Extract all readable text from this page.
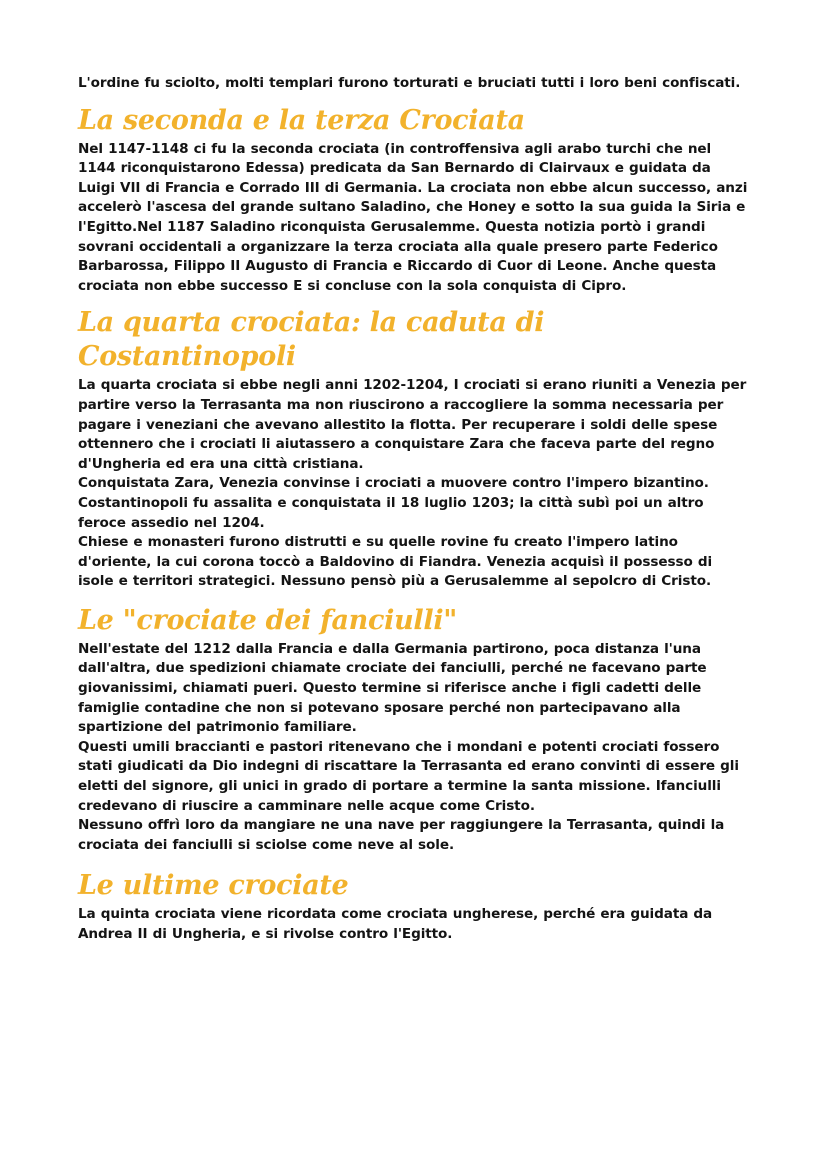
L'ordine fu sciolto, molti templari furono torturati e bruciati tutti i loro beni confiscati.

La seconda e la terza Crociata

Nel 1147-1148 ci fu la seconda crociata (in controffensiva agli arabo turchi che nel 1144 riconquistarono Edessa) predicata da San Bernardo di Clairvaux e guidata da Luigi VII di Francia e Corrado III di Germania. La crociata non ebbe alcun successo, anzi accelerò l'ascesa del grande sultano Saladino, che Honey e sotto la sua guida la Siria e l'Egitto.Nel 1187 Saladino riconquista Gerusalemme. Questa notizia portò i grandi sovrani occidentali a organizzare la terza crociata alla quale presero parte Federico Barbarossa, Filippo II Augusto di Francia e Riccardo di Cuor di Leone. Anche questa crociata non ebbe successo E si concluse con la sola conquista di Cipro.

La quarta crociata: la caduta di Costantinopoli

La quarta crociata si ebbe negli anni 1202-1204, I crociati si erano riuniti a Venezia per partire verso la Terrasanta ma non riuscirono a raccogliere la somma necessaria per pagare i veneziani che avevano allestito la flotta. Per recuperare i soldi delle spese ottennero che i crociati li aiutassero a conquistare Zara che faceva parte del regno d'Ungheria ed era una città cristiana.

Conquistata Zara, Venezia convinse i crociati a muovere contro l'impero bizantino. Costantinopoli fu assalita e conquistata il 18 luglio 1203; la città subì poi un altro feroce assedio nel 1204.

Chiese e monasteri furono distrutti e su quelle rovine fu creato l'impero latino d'oriente, la cui corona toccò a Baldovino di Fiandra. Venezia acquisì il possesso di isole e territori strategici. Nessuno pensò più a Gerusalemme al sepolcro di Cristo.

Le "crociate dei fanciulli"

Nell'estate del 1212 dalla Francia e dalla Germania partirono, poca distanza l'una dall'altra, due spedizioni chiamate crociate dei fanciulli, perché ne facevano parte giovanissimi, chiamati pueri. Questo termine si riferisce anche i figli cadetti delle famiglie contadine che non si potevano sposare perché non partecipavano alla spartizione del patrimonio familiare.

Questi umili braccianti e pastori ritenevano che i mondani e potenti crociati fossero stati giudicati da Dio indegni di riscattare la Terrasanta ed erano convinti di essere gli eletti del signore, gli unici in grado di portare a termine la santa missione. Ifanciulli credevano di riuscire a camminare nelle acque come Cristo.

Nessuno offrì loro da mangiare ne una nave per raggiungere la Terrasanta, quindi la crociata dei fanciulli si sciolse come neve al sole.

Le ultime crociate

La quinta crociata viene ricordata come crociata ungherese, perché era guidata da Andrea II di Ungheria, e si rivolse contro l'Egitto.
